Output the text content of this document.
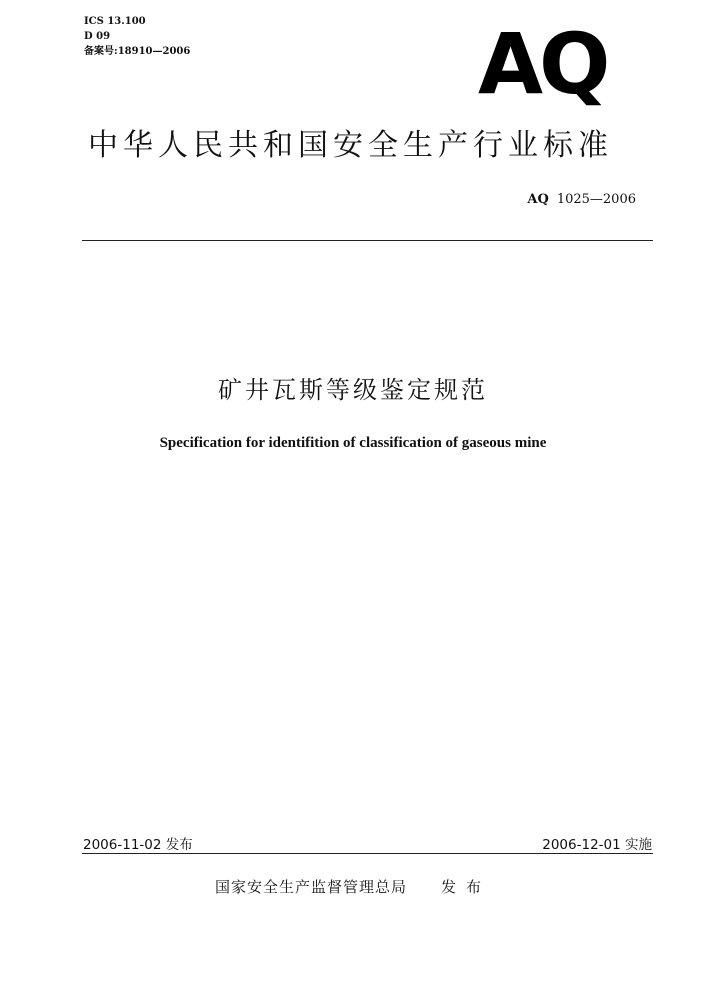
ICS 13.100
D 09
备案号:18910—2006	AQ
中华人民共和国安全生产行业标准
AQ 1025—2006
矿井瓦斯等级鉴定规范
Specification for identifition of classification of gaseous mine
2006-11-02 发布	2006-12-01 实施
国家安全生产监督管理总局 发布
